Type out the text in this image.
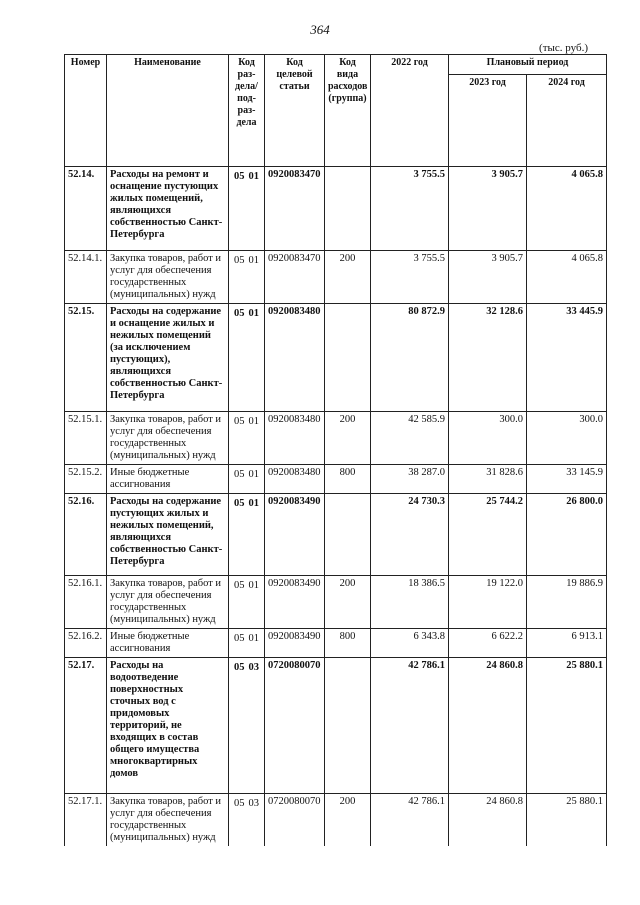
364
(тыс. руб.)
Номер	Наименование	Код раз- дела/ под- раз- дела	Код целевой статьи	Код вида расходов (группа)	2022 год	Плановый период	
						2023 год	2024 год
52.14.	Расходы на ремонт и оснащение пустующих жилых помещений, являющихся собственностью Санкт-Петербурга	05 01	0920083470		3 755.5	3 905.7	4 065.8
52.14.1.	Закупка товаров, работ и услуг для обеспечения государственных (муниципальных) нужд	05 01	0920083470	200	3 755.5	3 905.7	4 065.8
52.15.	Расходы на содержание и оснащение жилых и нежилых помещений (за исключением пустующих), являющихся собственностью Санкт-Петербурга	05 01	0920083480		80 872.9	32 128.6	33 445.9
52.15.1.	Закупка товаров, работ и услуг для обеспечения государственных (муниципальных) нужд	05 01	0920083480	200	42 585.9	300.0	300.0
52.15.2.	Иные бюджетные ассигнования	05 01	0920083480	800	38 287.0	31 828.6	33 145.9
52.16.	Расходы на содержание пустующих жилых и нежилых помещений, являющихся собственностью Санкт-Петербурга	05 01	0920083490		24 730.3	25 744.2	26 800.0
52.16.1.	Закупка товаров, работ и услуг для обеспечения государственных (муниципальных) нужд	05 01	0920083490	200	18 386.5	19 122.0	19 886.9
52.16.2.	Иные бюджетные ассигнования	05 01	0920083490	800	6 343.8	6 622.2	6 913.1
52.17.	Расходы на водоотведение поверхностных сточных вод с придомовых территорий, не входящих в состав общего имущества многоквартирных домов	05 03	0720080070		42 786.1	24 860.8	25 880.1
52.17.1.	Закупка товаров, работ и услуг для обеспечения государственных (муниципальных) нужд	05 03	0720080070	200	42 786.1	24 860.8	25 880.1
